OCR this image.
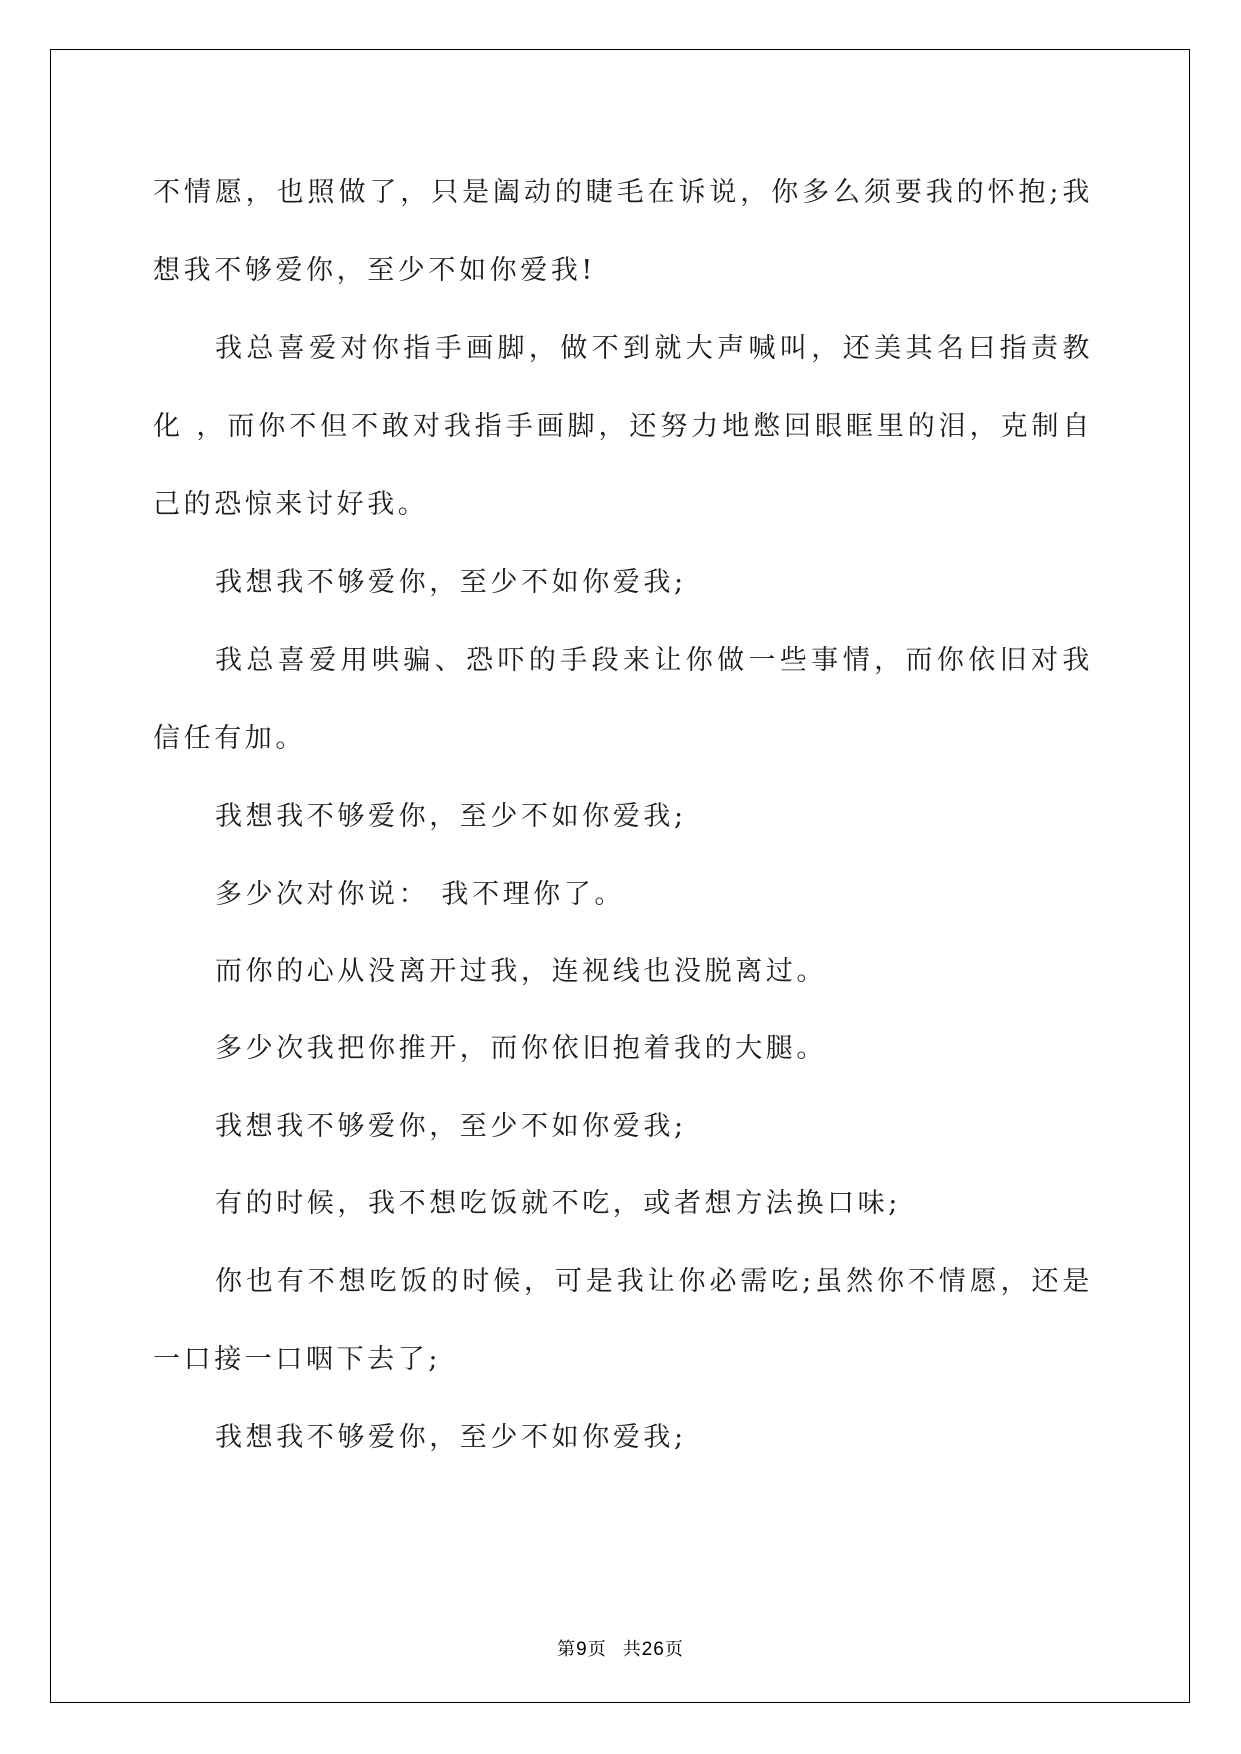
不情愿，也照做了，只是阖动的睫毛在诉说，你多么须要我的怀抱;我想我不够爱你，至少不如你爱我!

我总喜爱对你指手画脚，做不到就大声喊叫，还美其名曰指责教化 ，而你不但不敢对我指手画脚，还努力地憋回眼眶里的泪，克制自己的恐惊来讨好我。

我想我不够爱你，至少不如你爱我;

我总喜爱用哄骗、恐吓的手段来让你做一些事情，而你依旧对我信任有加。

我想我不够爱你，至少不如你爱我;

多少次对你说： 我不理你了。

而你的心从没离开过我，连视线也没脱离过。

多少次我把你推开，而你依旧抱着我的大腿。

我想我不够爱你，至少不如你爱我;

有的时候，我不想吃饭就不吃，或者想方法换口味;

你也有不想吃饭的时候，可是我让你必需吃;虽然你不情愿，还是一口接一口咽下去了;

我想我不够爱你，至少不如你爱我;

第9页 共26页
